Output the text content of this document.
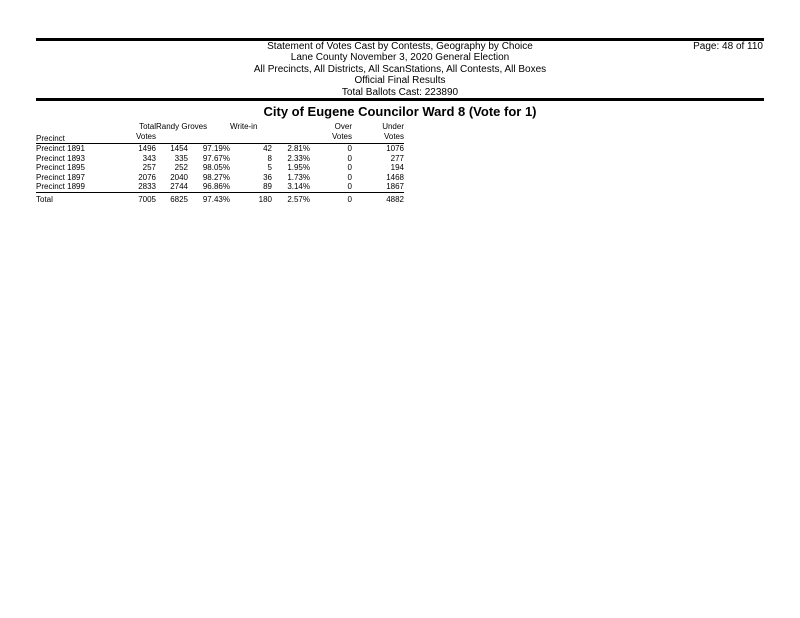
Page: 48 of 110
Statement of Votes Cast by Contests, Geography by Choice
Lane County November 3, 2020 General Election
All Precincts, All Districts, All ScanStations, All Contests, All Boxes
Official Final Results
Total Ballots Cast: 223890
City of Eugene Councilor Ward 8 (Vote for 1)
Precinct	Total	Randy Groves		Write-in		Over	Under
	Votes					Votes	Votes
Precinct 1891	1496	1454	97.19%	42	2.81%	0	1076
Precinct 1893	343	335	97.67%	8	2.33%	0	277
Precinct 1895	257	252	98.05%	5	1.95%	0	194
Precinct 1897	2076	2040	98.27%	36	1.73%	0	1468
Precinct 1899	2833	2744	96.86%	89	3.14%	0	1867
Total	7005	6825	97.43%	180	2.57%	0	4882
